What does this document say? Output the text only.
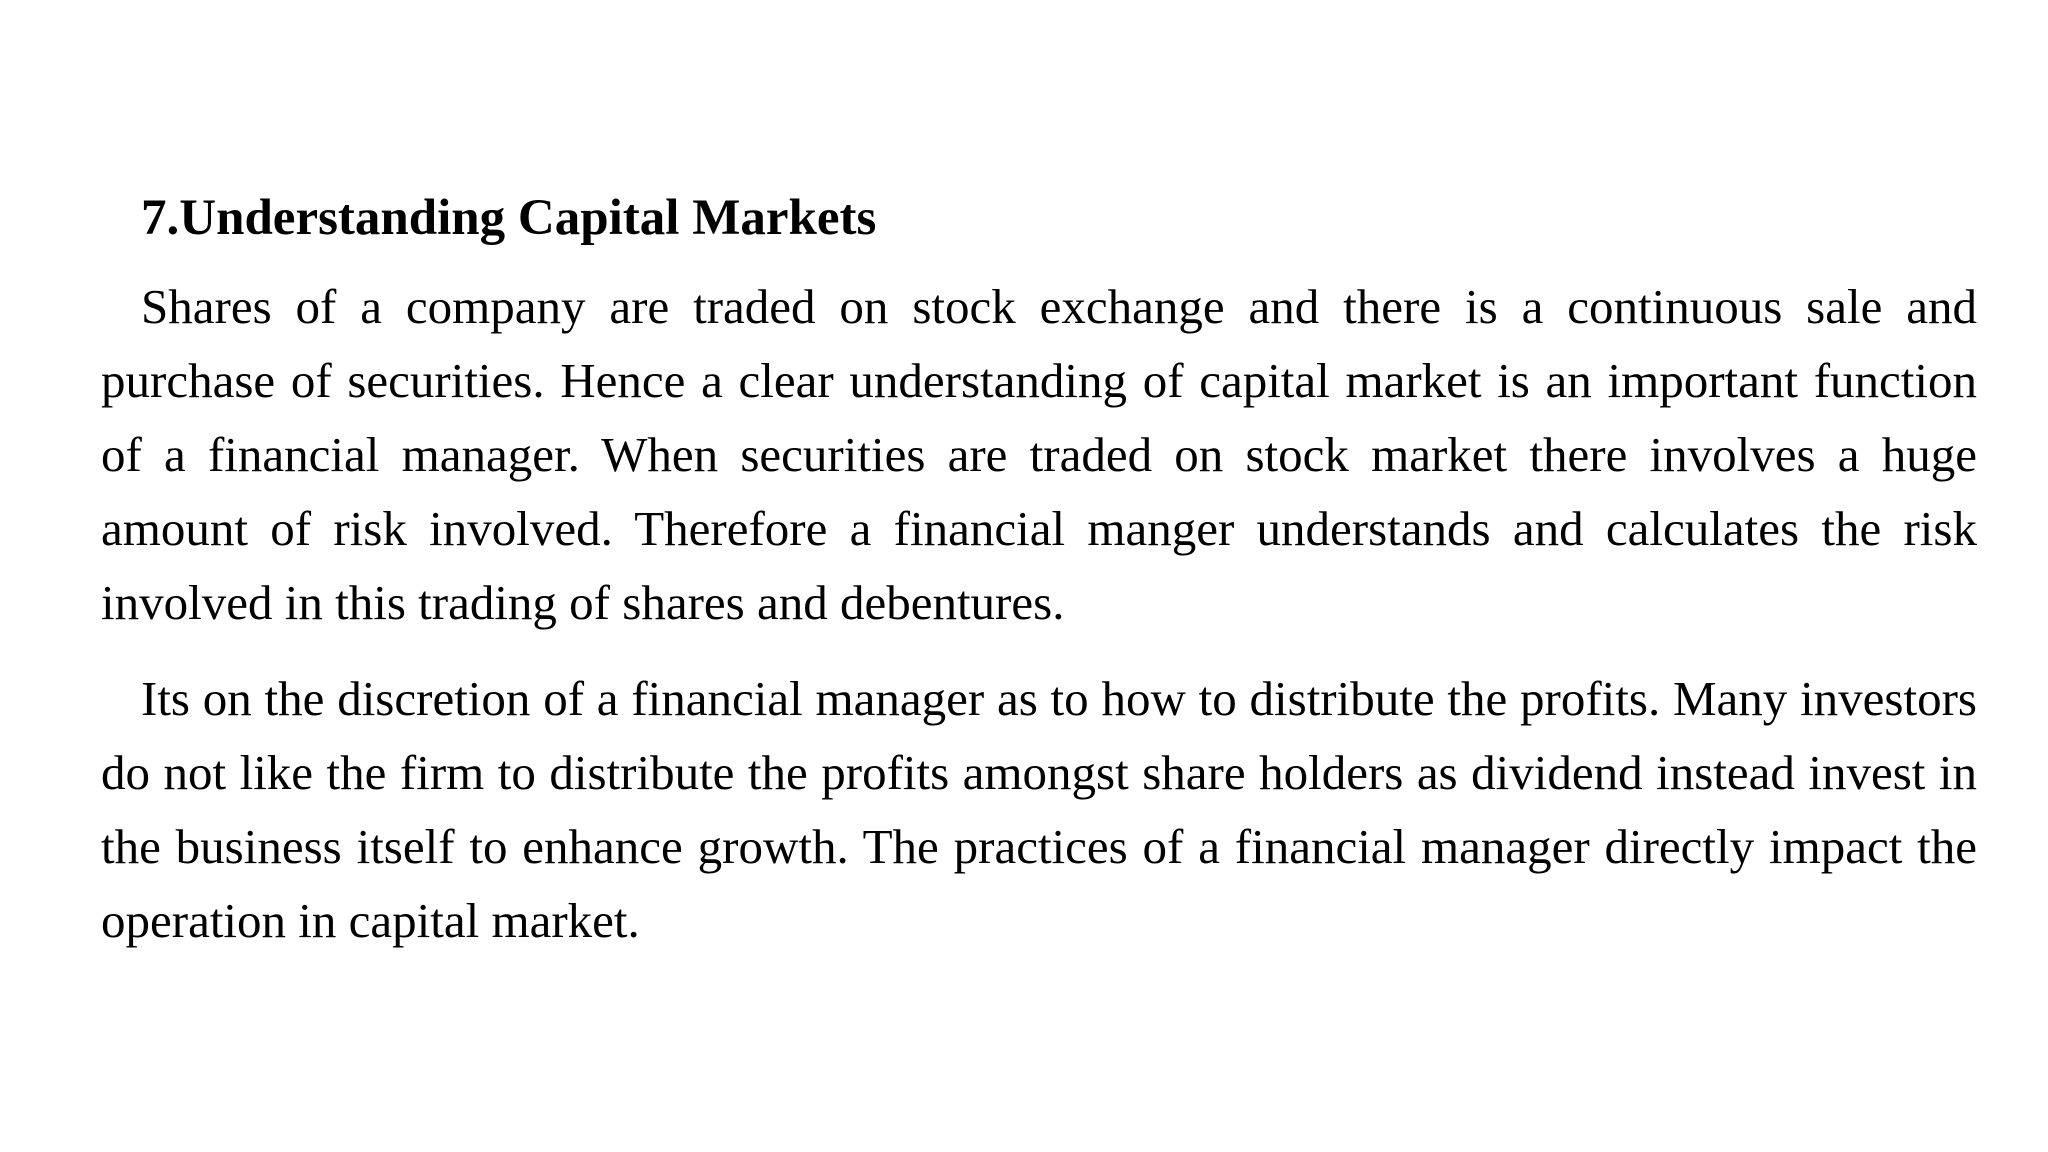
7.Understanding Capital Markets

Shares of a company are traded on stock exchange and there is a continuous sale and purchase of securities. Hence a clear understanding of capital market is an important function of a financial manager. When securities are traded on stock market there involves a huge amount of risk involved. Therefore a financial manger understands and calculates the risk involved in this trading of shares and debentures.

Its on the discretion of a financial manager as to how to distribute the profits. Many investors do not like the firm to distribute the profits amongst share holders as dividend instead invest in the business itself to enhance growth. The practices of a financial manager directly impact the operation in capital market.
